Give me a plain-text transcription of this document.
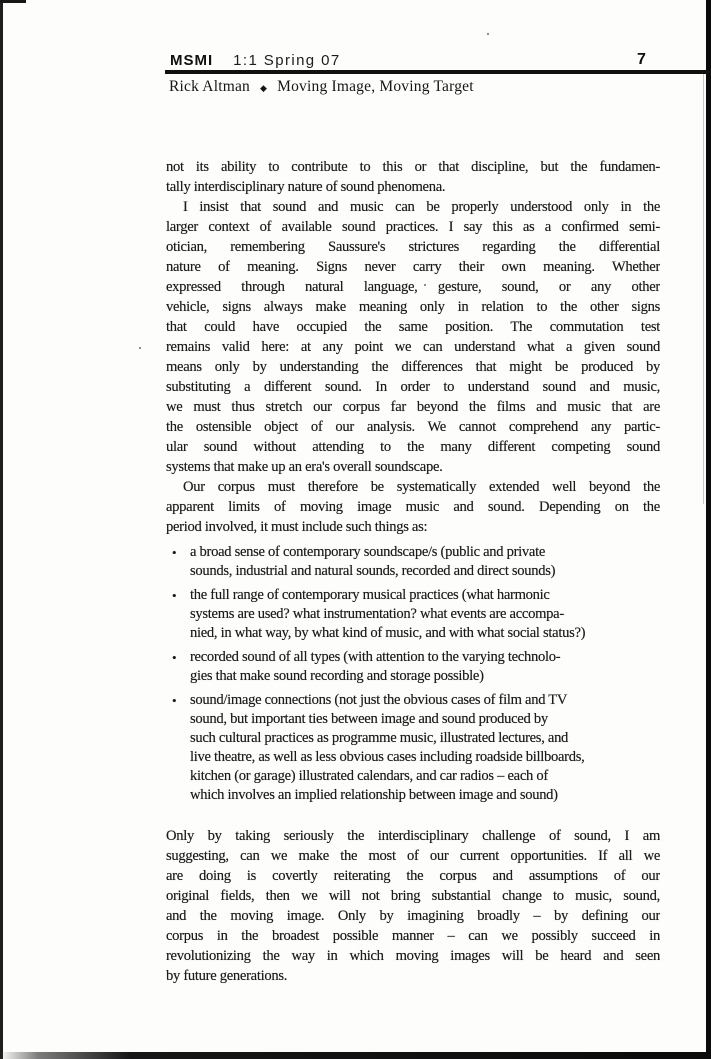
MSMI 1:1 Spring 07	7
Rick Altman ◆ Moving Image, Moving Target
not its ability to contribute to this or that discipline, but the fundamen-
tally interdisciplinary nature of sound phenomena.
I insist that sound and music can be properly understood only in the
larger context of available sound practices. I say this as a confirmed semi-
otician, remembering Saussure's strictures regarding the differential
nature of meaning. Signs never carry their own meaning. Whether
expressed through natural language, gesture, sound, or any other
vehicle, signs always make meaning only in relation to the other signs
that could have occupied the same position. The commutation test
remains valid here: at any point we can understand what a given sound
means only by understanding the differences that might be produced by
substituting a different sound. In order to understand sound and music,
we must thus stretch our corpus far beyond the films and music that are
the ostensible object of our analysis. We cannot comprehend any partic-
ular sound without attending to the many different competing sound
systems that make up an era's overall soundscape.
Our corpus must therefore be systematically extended well beyond the
apparent limits of moving image music and sound. Depending on the
period involved, it must include such things as:
• a broad sense of contemporary soundscape/s (public and private
sounds, industrial and natural sounds, recorded and direct sounds)
• the full range of contemporary musical practices (what harmonic
systems are used? what instrumentation? what events are accompa-
nied, in what way, by what kind of music, and with what social status?)
• recorded sound of all types (with attention to the varying technolo-
gies that make sound recording and storage possible)
• sound/image connections (not just the obvious cases of film and TV
sound, but important ties between image and sound produced by
such cultural practices as programme music, illustrated lectures, and
live theatre, as well as less obvious cases including roadside billboards,
kitchen (or garage) illustrated calendars, and car radios – each of
which involves an implied relationship between image and sound)
Only by taking seriously the interdisciplinary challenge of sound, I am
suggesting, can we make the most of our current opportunities. If all we
are doing is covertly reiterating the corpus and assumptions of our
original fields, then we will not bring substantial change to music, sound,
and the moving image. Only by imagining broadly – by defining our
corpus in the broadest possible manner – can we possibly succeed in
revolutionizing the way in which moving images will be heard and seen
by future generations.
